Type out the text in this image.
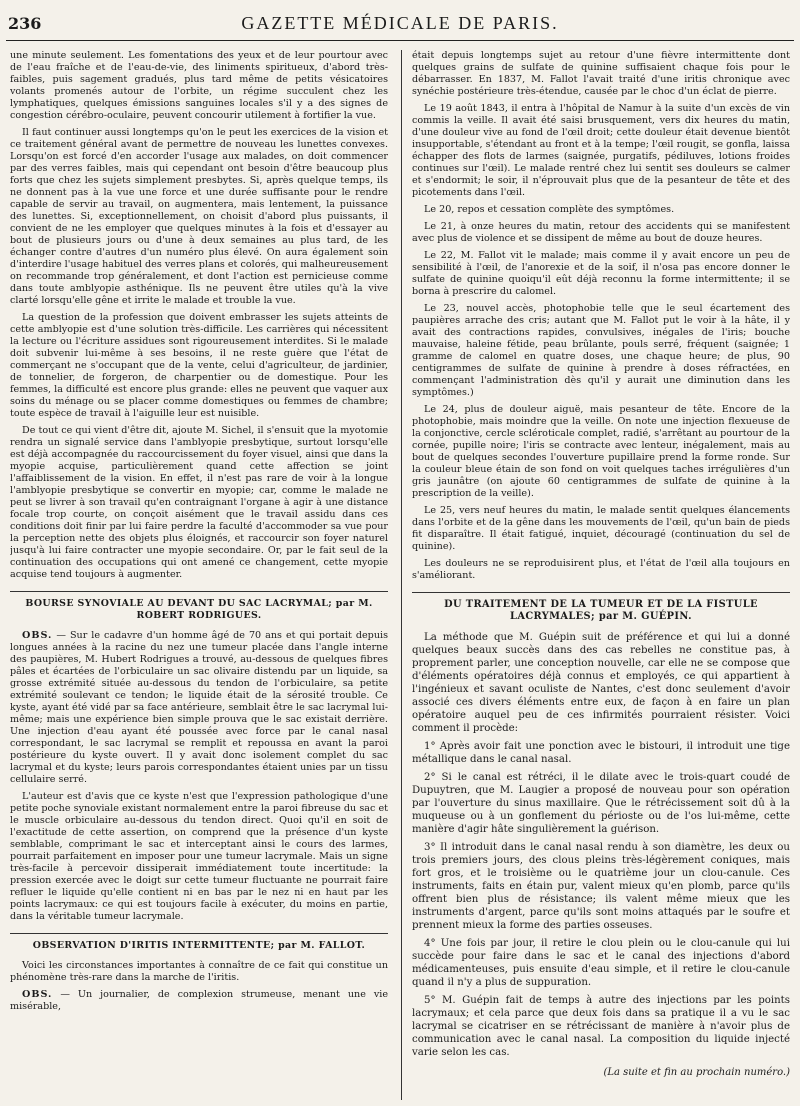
236	GAZETTE MÉDICALE DE PARIS.

une minute seulement. Les fomentations des yeux et de leur pourtour avec de l'eau fraîche et de l'eau-de-vie, des liniments spiritueux, d'abord très-faibles, puis sagement gradués, plus tard même de petits vésicatoires volants promenés autour de l'orbite, un régime succulent chez les lymphatiques, quelques émissions sanguines locales s'il y a des signes de congestion cérébro-oculaire, peuvent concourir utilement à fortifier la vue.

Il faut continuer aussi longtemps qu'on le peut les exercices de la vision et ce traitement général avant de permettre de nouveau les lunettes convexes. Lorsqu'on est forcé d'en accorder l'usage aux malades, on doit commencer par des verres faibles, mais qui cependant ont besoin d'être beaucoup plus forts que chez les sujets simplement presbytes. Si, après quelque temps, ils ne donnent pas à la vue une force et une durée suffisante pour le rendre capable de servir au travail, on augmentera, mais lentement, la puissance des lunettes. Si, exceptionnellement, on choisit d'abord plus puissants, il convient de ne les employer que quelques minutes à la fois et d'essayer au bout de plusieurs jours ou d'une à deux semaines au plus tard, de les échanger contre d'autres d'un numéro plus élevé. On aura également soin d'interdire l'usage habituel des verres plans et colorés, qui malheureusement on recommande trop généralement, et dont l'action est pernicieuse comme dans toute amblyopie asthénique. Ils ne peuvent être utiles qu'à la vive clarté lorsqu'elle gêne et irrite le malade et trouble la vue.

La question de la profession que doivent embrasser les sujets atteints de cette amblyopie est d'une solution très-difficile. Les carrières qui nécessitent la lecture ou l'écriture assidues sont rigoureusement interdites. Si le malade doit subvenir lui-même à ses besoins, il ne reste guère que l'état de commerçant ne s'occupant que de la vente, celui d'agriculteur, de jardinier, de tonnelier, de forgeron, de charpentier ou de domestique. Pour les femmes, la difficulté est encore plus grande: elles ne peuvent que vaquer aux soins du ménage ou se placer comme domestiques ou femmes de chambre; toute espèce de travail à l'aiguille leur est nuisible.

De tout ce qui vient d'être dit, ajoute M. Sichel, il s'ensuit que la myotomie rendra un signalé service dans l'amblyopie presbytique, surtout lorsqu'elle est déjà accompagnée du raccourcissement du foyer visuel, ainsi que dans la myopie acquise, particulièrement quand cette affection se joint l'affaiblissement de la vision. En effet, il n'est pas rare de voir à la longue l'amblyopie presbytique se convertir en myopie; car, comme le malade ne peut se livrer à son travail qu'en contraignant l'organe à agir à une distance focale trop courte, on conçoit aisément que le travail assidu dans ces conditions doit finir par lui faire perdre la faculté d'accommoder sa vue pour la perception nette des objets plus éloignés, et raccourcir son foyer naturel jusqu'à lui faire contracter une myopie secondaire. Or, par le fait seul de la continuation des occupations qui ont amené ce changement, cette myopie acquise tend toujours à augmenter.

BOURSE SYNOVIALE AU DEVANT DU SAC LACRYMAL; par M. ROBERT RODRIGUES.

OBS. — Sur le cadavre d'un homme âgé de 70 ans et qui portait depuis longues années à la racine du nez une tumeur placée dans l'angle interne des paupières, M. Hubert Rodrigues a trouvé, au-dessous de quelques fibres pâles et écartées de l'orbiculaire un sac olivaire distendu par un liquide, sa grosse extrémité située au-dessous du tendon de l'orbiculaire, sa petite extrémité soulevant ce tendon; le liquide était de la sérosité trouble. Ce kyste, ayant été vidé par sa face antérieure, semblait être le sac lacrymal lui-même; mais une expérience bien simple prouva que le sac existait derrière. Une injection d'eau ayant été poussée avec force par le canal nasal correspondant, le sac lacrymal se remplit et repoussa en avant la paroi postérieure du kyste ouvert. Il y avait donc isolement complet du sac lacrymal et du kyste; leurs parois correspondantes étaient unies par un tissu cellulaire serré.

L'auteur est d'avis que ce kyste n'est que l'expression pathologique d'une petite poche synoviale existant normalement entre la paroi fibreuse du sac et le muscle orbiculaire au-dessous du tendon direct. Quoi qu'il en soit de l'exactitude de cette assertion, on comprend que la présence d'un kyste semblable, comprimant le sac et interceptant ainsi le cours des larmes, pourrait parfaitement en imposer pour une tumeur lacrymale. Mais un signe très-facile à percevoir dissiperait immédiatement toute incertitude: la pression exercée avec le doigt sur cette tumeur fluctuante ne pourrait faire refluer le liquide qu'elle contient ni en bas par le nez ni en haut par les points lacrymaux: ce qui est toujours facile à exécuter, du moins en partie, dans la véritable tumeur lacrymale.

OBSERVATION D'IRITIS INTERMITTENTE; par M. FALLOT.

Voici les circonstances importantes à connaître de ce fait qui constitue un phénomène très-rare dans la marche de l'iritis.

OBS. — Un journalier, de complexion strumeuse, menant une vie misérable,

était depuis longtemps sujet au retour d'une fièvre intermittente dont quelques grains de sulfate de quinine suffisaient chaque fois pour le débarrasser. En 1837, M. Fallot l'avait traité d'une iritis chronique avec synéchie postérieure très-étendue, causée par le choc d'un éclat de pierre.

Le 19 août 1843, il entra à l'hôpital de Namur à la suite d'un excès de vin commis la veille. Il avait été saisi brusquement, vers dix heures du matin, d'une douleur vive au fond de l'œil droit; cette douleur était devenue bientôt insupportable, s'étendant au front et à la tempe; l'œil rougit, se gonfla, laissa échapper des flots de larmes (saignée, purgatifs, pédiluves, lotions froides continues sur l'œil). Le malade rentré chez lui sentit ses douleurs se calmer et s'endormit; le soir, il n'éprouvait plus que de la pesanteur de tête et des picotements dans l'œil.

Le 20, repos et cessation complète des symptômes.

Le 21, à onze heures du matin, retour des accidents qui se manifestent avec plus de violence et se dissipent de même au bout de douze heures.

Le 22, M. Fallot vit le malade; mais comme il y avait encore un peu de sensibilité à l'œil, de l'anorexie et de la soif, il n'osa pas encore donner le sulfate de quinine quoiqu'il eût déjà reconnu la forme intermittente; il se borna à prescrire du calomel.

Le 23, nouvel accès, photophobie telle que le seul écartement des paupières arrache des cris; autant que M. Fallot put le voir à la hâte, il y avait des contractions rapides, convulsives, inégales de l'iris; bouche mauvaise, haleine fétide, peau brûlante, pouls serré, fréquent (saignée; 1 gramme de calomel en quatre doses, une chaque heure; de plus, 90 centigrammes de sulfate de quinine à prendre à doses réfractées, en commençant l'administration dès qu'il y aurait une diminution dans les symptômes.)

Le 24, plus de douleur aiguë, mais pesanteur de tête. Encore de la photophobie, mais moindre que la veille. On note une injection flexueuse de la conjonctive, cercle scléroticale complet, radié, s'arrêtant au pourtour de la cornée, pupille noire; l'iris se contracte avec lenteur, inégalement, mais au bout de quelques secondes l'ouverture pupillaire prend la forme ronde. Sur la couleur bleue étain de son fond on voit quelques taches irrégulières d'un gris jaunâtre (on ajoute 60 centigrammes de sulfate de quinine à la prescription de la veille).

Le 25, vers neuf heures du matin, le malade sentit quelques élancements dans l'orbite et de la gêne dans les mouvements de l'œil, qu'un bain de pieds fit disparaître. Il était fatigué, inquiet, découragé (continuation du sel de quinine).

Les douleurs ne se reproduisirent plus, et l'état de l'œil alla toujours en s'améliorant.

DU TRAITEMENT DE LA TUMEUR ET DE LA FISTULE LACRYMALES; par M. GUÉPIN.

La méthode que M. Guépin suit de préférence et qui lui a donné quelques beaux succès dans des cas rebelles ne constitue pas, à proprement parler, une conception nouvelle, car elle ne se compose que d'éléments opératoires déjà connus et employés, ce qui appartient à l'ingénieux et savant oculiste de Nantes, c'est donc seulement d'avoir associé ces divers éléments entre eux, de façon à en faire un plan opératoire auquel peu de ces infirmités pourraient résister. Voici comment il procède:

1° Après avoir fait une ponction avec le bistouri, il introduit une tige métallique dans le canal nasal.

2° Si le canal est rétréci, il le dilate avec le trois-quart coudé de Dupuytren, que M. Laugier a proposé de nouveau pour son opération par l'ouverture du sinus maxillaire. Que le rétrécissement soit dû à la muqueuse ou à un gonflement du périoste ou de l'os lui-même, cette manière d'agir hâte singulièrement la guérison.

3° Il introduit dans le canal nasal rendu à son diamètre, les deux ou trois premiers jours, des clous pleins très-légèrement coniques, mais fort gros, et le troisième ou le quatrième jour un clou-canule. Ces instruments, faits en étain pur, valent mieux qu'en plomb, parce qu'ils offrent bien plus de résistance; ils valent même mieux que les instruments d'argent, parce qu'ils sont moins attaqués par le soufre et prennent mieux la forme des parties osseuses.

4° Une fois par jour, il retire le clou plein ou le clou-canule qui lui succède pour faire dans le sac et le canal des injections d'abord médicamenteuses, puis ensuite d'eau simple, et il retire le clou-canule quand il n'y a plus de suppuration.

5° M. Guépin fait de temps à autre des injections par les points lacrymaux; et cela parce que deux fois dans sa pratique il a vu le sac lacrymal se cicatriser en se rétrécissant de manière à n'avoir plus de communication avec le canal nasal. La composition du liquide injecté varie selon les cas.

(La suite et fin au prochain numéro.)
